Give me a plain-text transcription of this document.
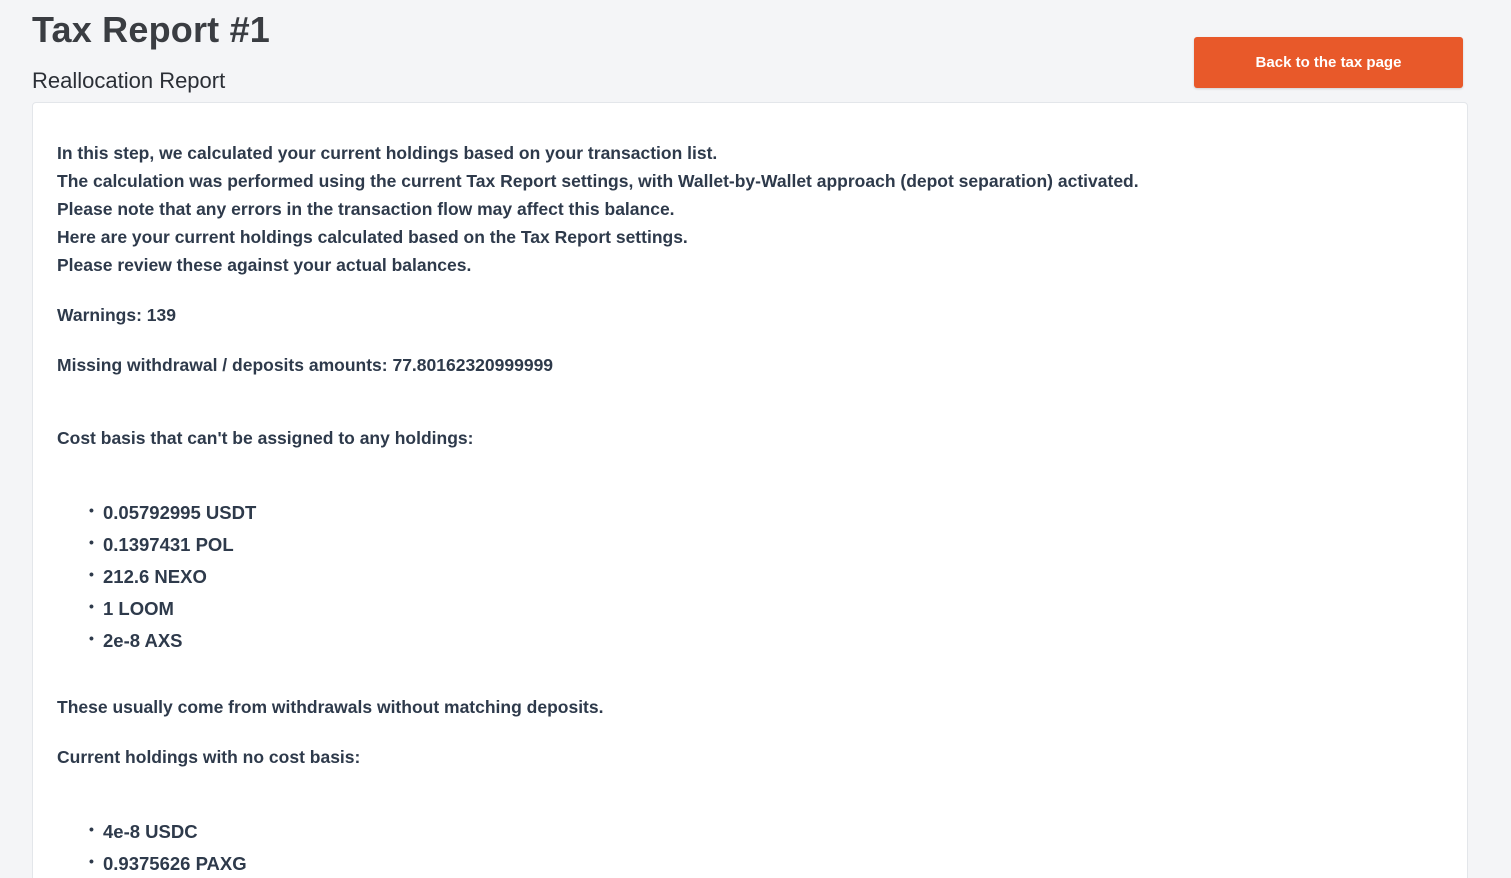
Tax Report #1
Reallocation Report
Back to the tax page

In this step, we calculated your current holdings based on your transaction list.

The calculation was performed using the current Tax Report settings, with Wallet-by-Wallet approach (depot separation) activated.

Please note that any errors in the transaction flow may affect this balance.

Here are your current holdings calculated based on the Tax Report settings.

Please review these against your actual balances.

Warnings: 139

Missing withdrawal / deposits amounts: 77.80162320999999

Cost basis that can't be assigned to any holdings:

• 0.05792995 USDT
• 0.1397431 POL
• 212.6 NEXO
• 1 LOOM
• 2e-8 AXS

These usually come from withdrawals without matching deposits.

Current holdings with no cost basis:

• 4e-8 USDC
• 0.9375626 PAXG
